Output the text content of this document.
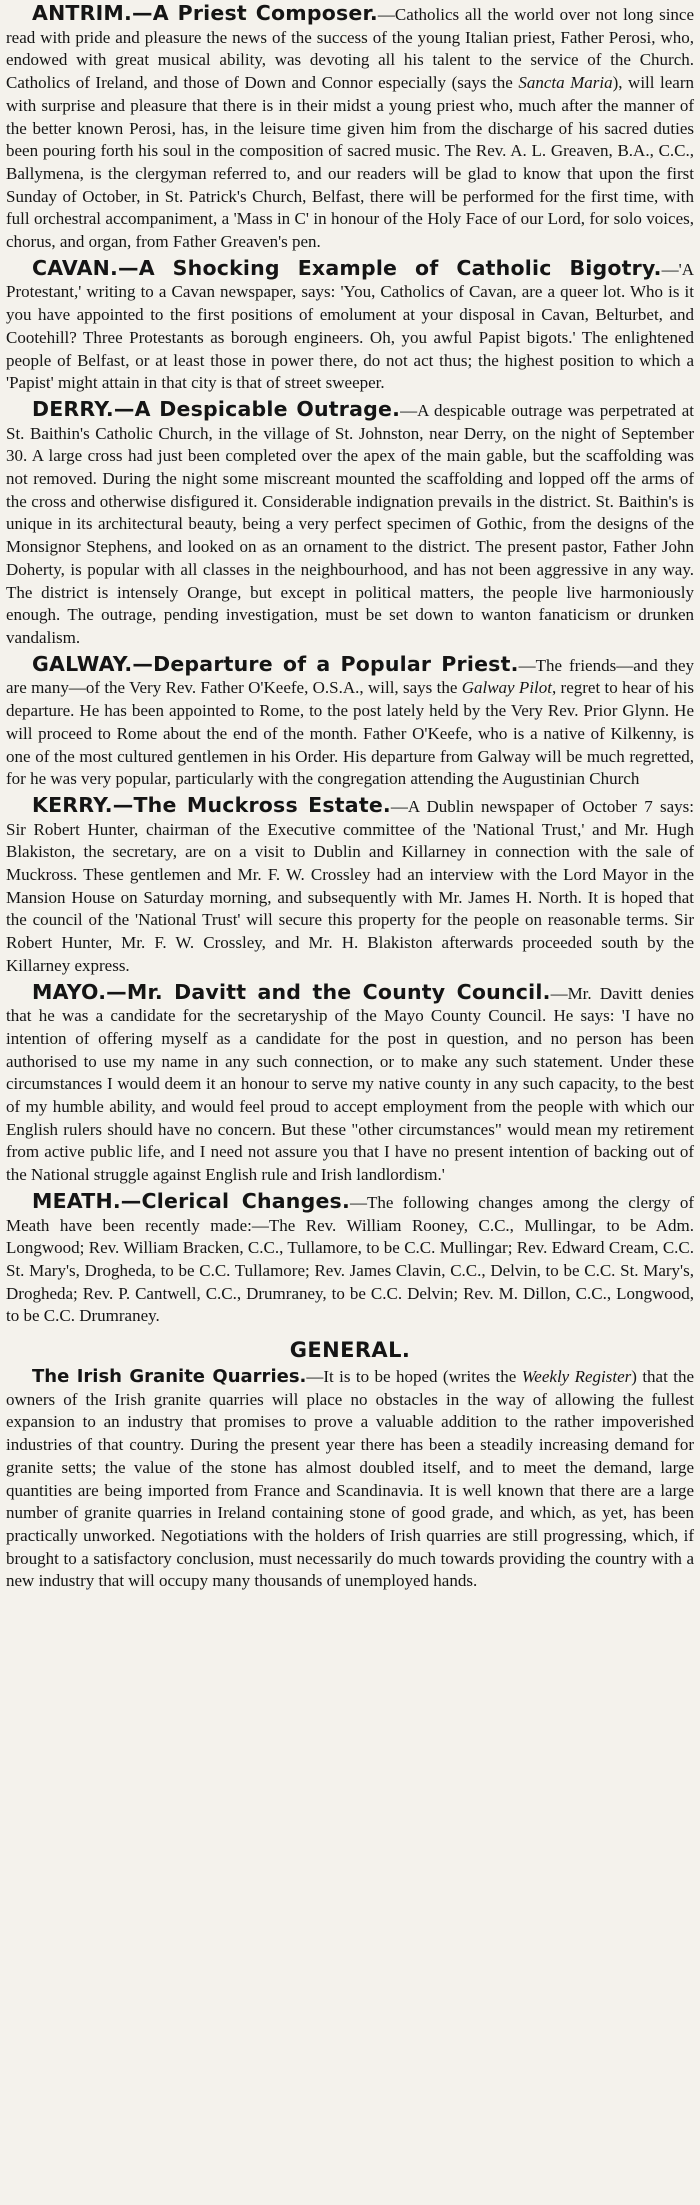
ANTRIM.—A Priest Composer.—Catholics all the world over not long since read with pride and pleasure the news of the success of the young Italian priest, Father Perosi, who, endowed with great musical ability, was devoting all his talent to the service of the Church. Catholics of Ireland, and those of Down and Connor especially (says the Sancta Maria), will learn with surprise and pleasure that there is in their midst a young priest who, much after the manner of the better known Perosi, has, in the leisure time given him from the discharge of his sacred duties been pouring forth his soul in the composition of sacred music. The Rev. A. L. Greaven, B.A., C.C., Ballymena, is the clergyman referred to, and our readers will be glad to know that upon the first Sunday of October, in St. Patrick's Church, Belfast, there will be performed for the first time, with full orchestral accompaniment, a 'Mass in C' in honour of the Holy Face of our Lord, for solo voices, chorus, and organ, from Father Greaven's pen.

CAVAN.—A Shocking Example of Catholic Bigotry.—'A Protestant,' writing to a Cavan newspaper, says: 'You, Catholics of Cavan, are a queer lot. Who is it you have appointed to the first positions of emolument at your disposal in Cavan, Belturbet, and Cootehill? Three Protestants as borough engineers. Oh, you awful Papist bigots.' The enlightened people of Belfast, or at least those in power there, do not act thus; the highest position to which a 'Papist' might attain in that city is that of street sweeper.

DERRY.—A Despicable Outrage.—A despicable outrage was perpetrated at St. Baithin's Catholic Church, in the village of St. Johnston, near Derry, on the night of September 30. A large cross had just been completed over the apex of the main gable, but the scaffolding was not removed. During the night some miscreant mounted the scaffolding and lopped off the arms of the cross and otherwise disfigured it. Considerable indignation prevails in the district. St. Baithin's is unique in its architectural beauty, being a very perfect specimen of Gothic, from the designs of the Monsignor Stephens, and looked on as an ornament to the district. The present pastor, Father John Doherty, is popular with all classes in the neighbourhood, and has not been aggressive in any way. The district is intensely Orange, but except in political matters, the people live harmoniously enough. The outrage, pending investigation, must be set down to wanton fanaticism or drunken vandalism.

GALWAY.—Departure of a Popular Priest.—The friends—and they are many—of the Very Rev. Father O'Keefe, O.S.A., will, says the Galway Pilot, regret to hear of his departure. He has been appointed to Rome, to the post lately held by the Very Rev. Prior Glynn. He will proceed to Rome about the end of the month. Father O'Keefe, who is a native of Kilkenny, is one of the most cultured gentlemen in his Order. His departure from Galway will be much regretted, for he was very popular, particularly with the congregation attending the Augustinian Church

KERRY.—The Muckross Estate.—A Dublin newspaper of October 7 says: Sir Robert Hunter, chairman of the Executive committee of the 'National Trust,' and Mr. Hugh Blakiston, the secretary, are on a visit to Dublin and Killarney in connection with the sale of Muckross. These gentlemen and Mr. F. W. Crossley had an interview with the Lord Mayor in the Mansion House on Saturday morning, and subsequently with Mr. James H. North. It is hoped that the council of the 'National Trust' will secure this property for the people on reasonable terms. Sir Robert Hunter, Mr. F. W. Crossley, and Mr. H. Blakiston afterwards proceeded south by the Killarney express.

MAYO.—Mr. Davitt and the County Council.—Mr. Davitt denies that he was a candidate for the secretaryship of the Mayo County Council. He says: 'I have no intention of offering myself as a candidate for the post in question, and no person has been authorised to use my name in any such connection, or to make any such statement. Under these circumstances I would deem it an honour to serve my native county in any such capacity, to the best of my humble ability, and would feel proud to accept employment from the people with which our English rulers should have no concern. But these "other circumstances" would mean my retirement from active public life, and I need not assure you that I have no present intention of backing out of the National struggle against English rule and Irish landlordism.'

MEATH.—Clerical Changes.—The following changes among the clergy of Meath have been recently made:—The Rev. William Rooney, C.C., Mullingar, to be Adm. Longwood; Rev. William Bracken, C.C., Tullamore, to be C.C. Mullingar; Rev. Edward Cream, C.C. St. Mary's, Drogheda, to be C.C. Tullamore; Rev. James Clavin, C.C., Delvin, to be C.C. St. Mary's, Drogheda; Rev. P. Cantwell, C.C., Drumraney, to be C.C. Delvin; Rev. M. Dillon, C.C., Longwood, to be C.C. Drumraney.

GENERAL.

The Irish Granite Quarries.—It is to be hoped (writes the Weekly Register) that the owners of the Irish granite quarries will place no obstacles in the way of allowing the fullest expansion to an industry that promises to prove a valuable addition to the rather impoverished industries of that country. During the present year there has been a steadily increasing demand for granite setts; the value of the stone has almost doubled itself, and to meet the demand, large quantities are being imported from France and Scandinavia. It is well known that there are a large number of granite quarries in Ireland containing stone of good grade, and which, as yet, has been practically unworked. Negotiations with the holders of Irish quarries are still progressing, which, if brought to a satisfactory conclusion, must necessarily do much towards providing the country with a new industry that will occupy many thousands of unemployed hands.
